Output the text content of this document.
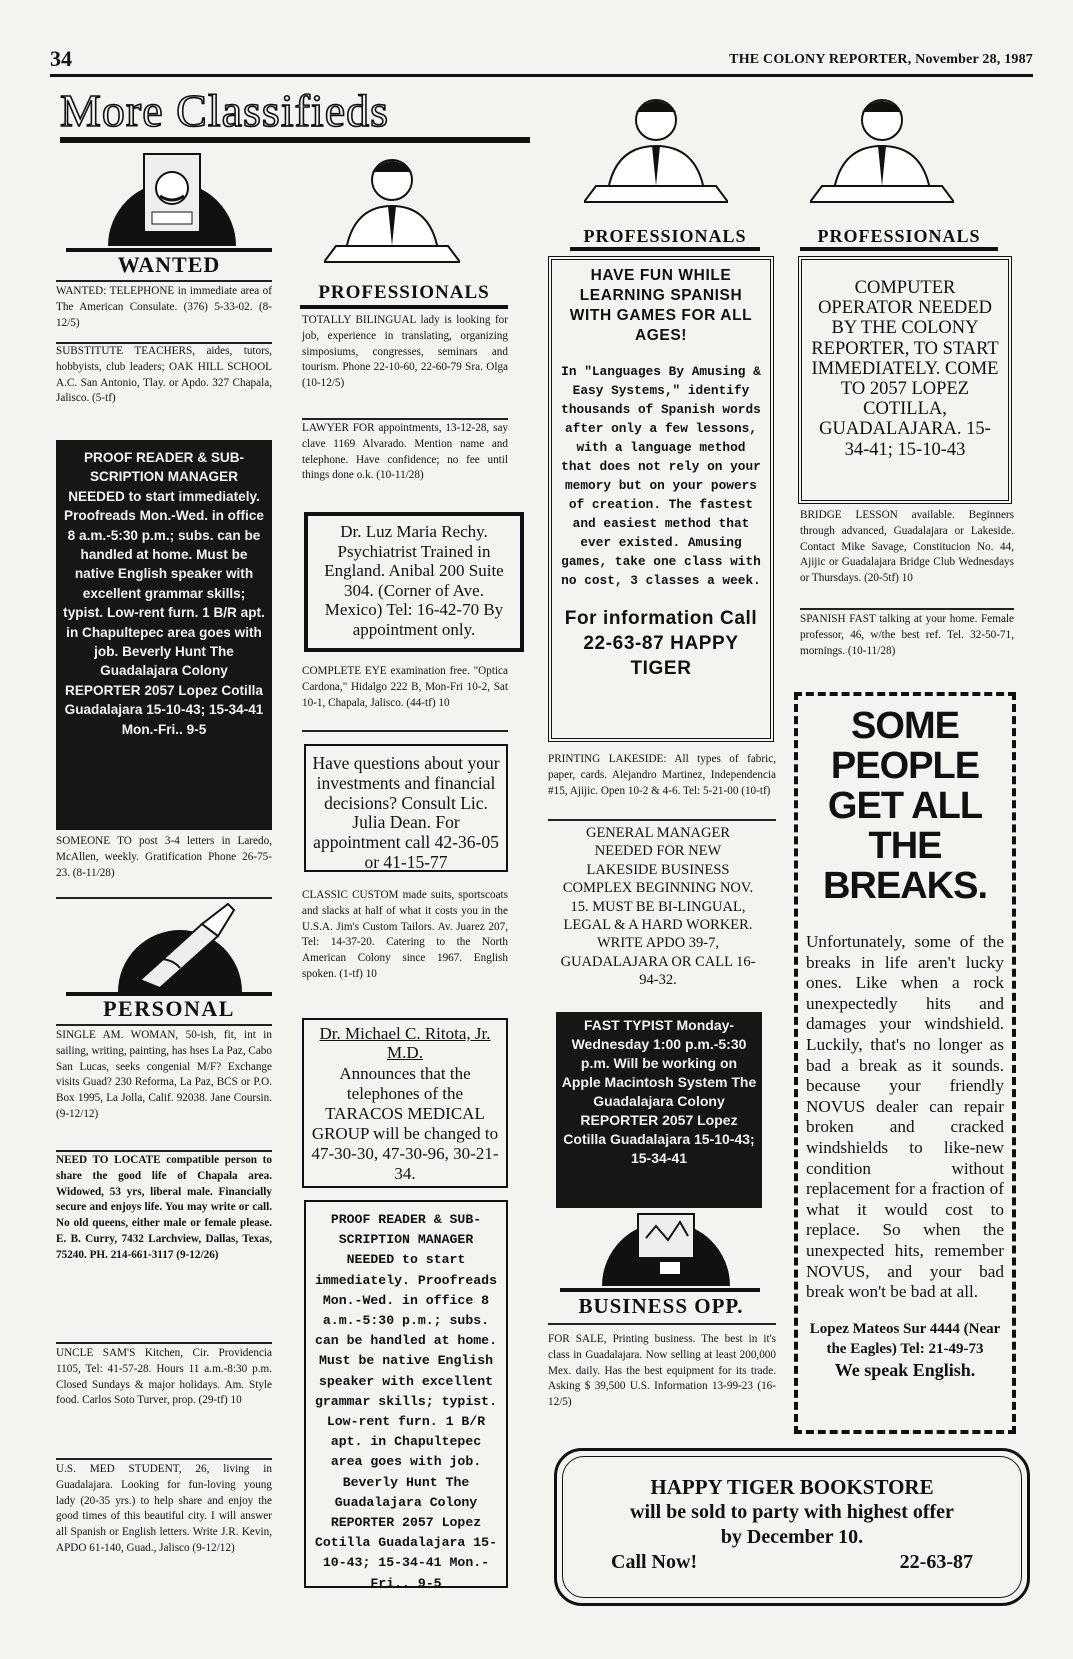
34	THE COLONY REPORTER, November 28, 1987
More Classifieds
WANTED
WANTED: TELEPHONE in immediate area of The American Consulate. (376) 5-33-02. (8-12/5)
SUBSTITUTE TEACHERS, aides, tutors, hobbyists, club leaders; OAK HILL SCHOOL A.C. San Antonio, Tlay. or Apdo. 327 Chapala, Jalisco. (5-tf)
PROOF READER & SUB-SCRIPTION MANAGER NEEDED to start immediately. Proofreads Mon.-Wed. in office 8 a.m.-5:30 p.m.; subs. can be handled at home. Must be native English speaker with excellent grammar skills; typist. Low-rent furn. 1 B/R apt. in Chapultepec area goes with job. Beverly Hunt The Guadalajara Colony REPORTER 2057 Lopez Cotilla Guadalajara 15-10-43; 15-34-41 Mon.-Fri.. 9-5
SOMEONE TO post 3-4 letters in Laredo, McAllen, weekly. Gratification Phone 26-75-23. (8-11/28)
PERSONAL
SINGLE AM. WOMAN, 50-ish, fit, int in sailing, writing, painting, has hses La Paz, Cabo San Lucas, seeks congenial M/F? Exchange visits Guad? 230 Reforma, La Paz, BCS or P.O. Box 1995, La Jolla, Calif. 92038. Jane Coursin. (9-12/12)
NEED TO LOCATE compatible person to share the good life of Chapala area. Widowed, 53 yrs, liberal male. Financially secure and enjoys life. You may write or call. No old queens, either male or female please. E. B. Curry, 7432 Larchview, Dallas, Texas, 75240. PH. 214-661-3117 (9-12/26)
UNCLE SAM'S Kitchen, Cir. Providencia 1105, Tel: 41-57-28. Hours 11 a.m.-8:30 p.m. Closed Sundays & major holidays. Am. Style food. Carlos Soto Turver, prop. (29-tf) 10
U.S. MED STUDENT, 26, living in Guadalajara. Looking for fun-loving young lady (20-35 yrs.) to help share and enjoy the good times of this beautiful city. I will answer all Spanish or English letters. Write J.R. Kevin, APDO 61-140, Guad., Jalisco (9-12/12)
PROFESSIONALS
TOTALLY BILINGUAL lady is looking for job, experience in translating, organizing simposiums, congresses, seminars and tourism. Phone 22-10-60, 22-60-79 Sra. Olga (10-12/5)
LAWYER FOR appointments, 13-12-28, say clave 1169 Alvarado. Mention name and telephone. Have confidence; no fee until things done o.k. (10-11/28)
Dr. Luz Maria Rechy. Psychiatrist Trained in England. Anibal 200 Suite 304. (Corner of Ave. Mexico) Tel: 16-42-70 By appointment only.
COMPLETE EYE examination free. "Optica Cardona," Hidalgo 222 B, Mon-Fri 10-2, Sat 10-1, Chapala, Jalisco. (44-tf) 10
Have questions about your investments and financial decisions? Consult Lic. Julia Dean. For appointment call 42-36-05 or 41-15-77
CLASSIC CUSTOM made suits, sportscoats and slacks at half of what it costs you in the U.S.A. Jim's Custom Tailors. Av. Juarez 207, Tel: 14-37-20. Catering to the North American Colony since 1967. English spoken. (1-tf) 10
Dr. Michael C. Ritota, Jr. M.D.
Announces that the telephones of the TARACOS MEDICAL GROUP will be changed to 47-30-30, 47-30-96, 30-21-34.
PROOF READER & SUB-SCRIPTION MANAGER NEEDED to start immediately. Proofreads Mon.-Wed. in office 8 a.m.-5:30 p.m.; subs. can be handled at home. Must be native English speaker with excellent grammar skills; typist. Low-rent furn. 1 B/R apt. in Chapultepec area goes with job. Beverly Hunt The Guadalajara Colony REPORTER 2057 Lopez Cotilla Guadalajara 15-10-43; 15-34-41 Mon.-Fri.. 9-5
PROFESSIONALS
HAVE FUN WHILE LEARNING SPANISH WITH GAMES FOR ALL AGES!
In "Languages By Amusing & Easy Systems," identify thousands of Spanish words after only a few lessons, with a language method that does not rely on your memory but on your powers of creation. The fastest and easiest method that ever existed. Amusing games, take one class with no cost, 3 classes a week.
For information Call 22-63-87 HAPPY TIGER
PRINTING LAKESIDE: All types of fabric, paper, cards. Alejandro Martinez, Independencia #15, Ajijic. Open 10-2 & 4-6. Tel: 5-21-00 (10-tf)
GENERAL MANAGER NEEDED FOR NEW LAKESIDE BUSINESS COMPLEX BEGINNING NOV. 15. MUST BE BI-LINGUAL, LEGAL & A HARD WORKER. WRITE APDO 39-7, GUADALAJARA OR CALL 16-94-32.
FAST TYPIST Monday-Wednesday 1:00 p.m.-5:30 p.m. Will be working on Apple Macintosh System The Guadalajara Colony REPORTER 2057 Lopez Cotilla Guadalajara 15-10-43; 15-34-41
BUSINESS OPP.
FOR SALE, Printing business. The best in it's class in Guadalajara. Now selling at least 200,000 Mex. daily. Has the best equipment for its trade. Asking $ 39,500 U.S. Information 13-99-23 (16-12/5)
PROFESSIONALS
COMPUTER OPERATOR NEEDED BY THE COLONY REPORTER, TO START IMMEDIATELY. COME TO 2057 LOPEZ COTILLA, GUADALAJARA. 15-34-41; 15-10-43
BRIDGE LESSON available. Beginners through advanced, Guadalajara or Lakeside. Contact Mike Savage, Constitucion No. 44, Ajijic or Guadalajara Bridge Club Wednesdays or Thursdays. (20-5tf) 10
SPANISH FAST talking at your home. Female professor, 46, w/the best ref. Tel. 32-50-71, mornings. (10-11/28)
SOME PEOPLE GET ALL THE BREAKS.
Unfortunately, some of the breaks in life aren't lucky ones. Like when a rock unexpectedly hits and damages your windshield. Luckily, that's no longer as bad a break as it sounds. because your friendly NOVUS dealer can repair broken and cracked windshields to like-new condition without replacement for a fraction of what it would cost to replace. So when the unexpected hits, remember NOVUS, and your bad break won't be bad at all.
Lopez Mateos Sur 4444 (Near the Eagles) Tel: 21-49-73
We speak English.
HAPPY TIGER BOOKSTORE
will be sold to party with highest offer
by December 10.
Call Now!	22-63-87
